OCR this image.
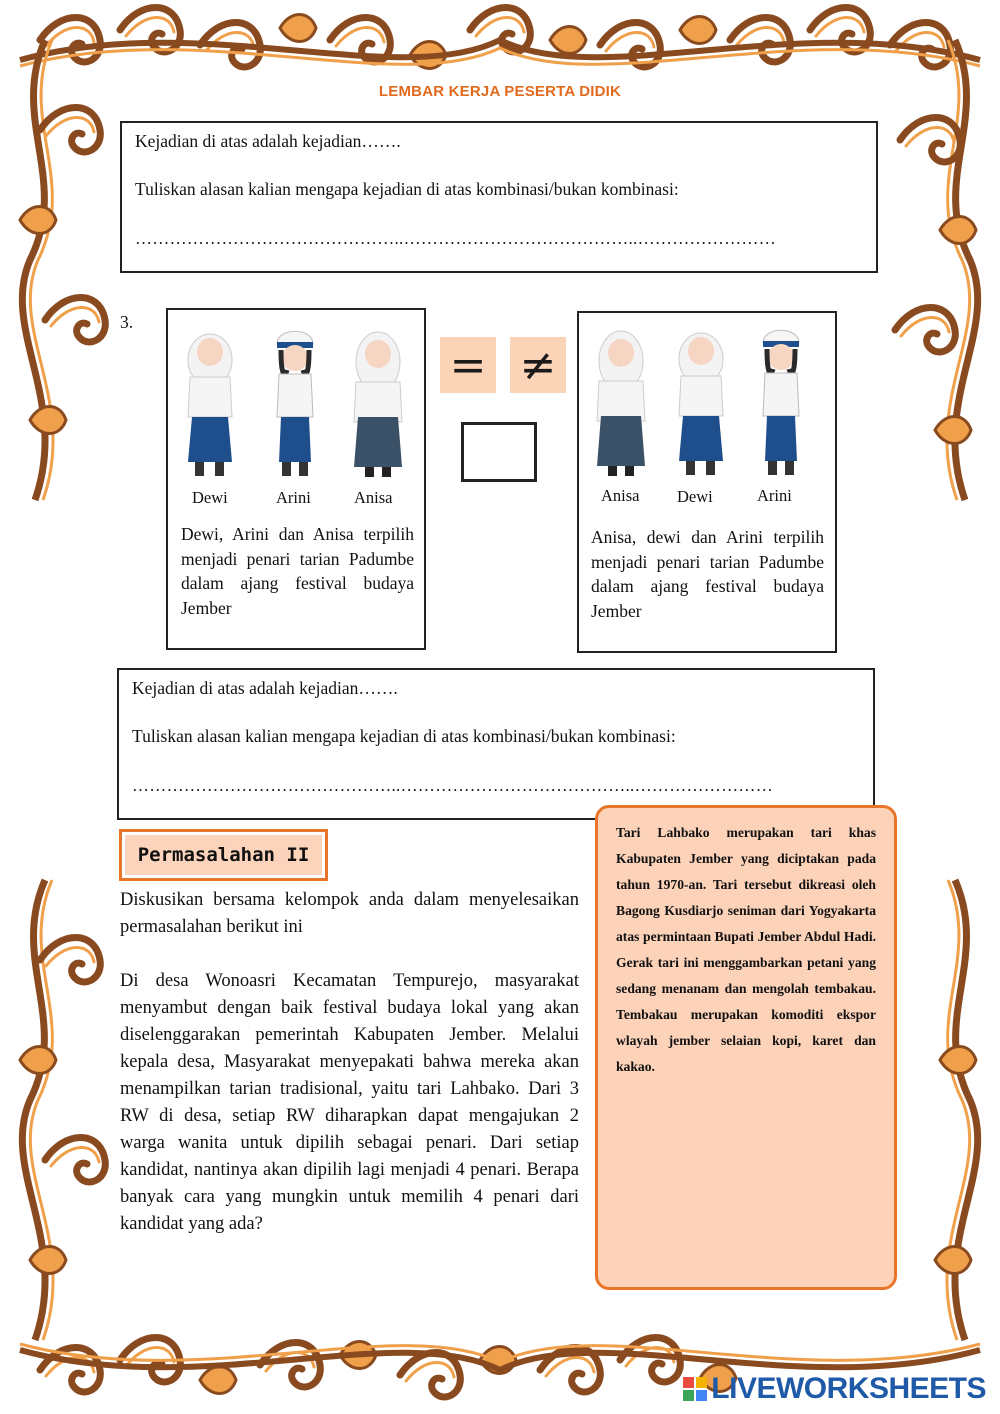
LEMBAR KERJA PESERTA DIDIK
Kejadian di atas adalah kejadian…….
Tuliskan alasan kalian mengapa kejadian di atas kombinasi/bukan kombinasi:
………………………………………..…………………………………..……………………
3.
Dewi	Arini	Anisa
Dewi, Arini dan Anisa terpilih menjadi penari tarian Padumbe dalam ajang festival budaya Jember
= ≠
Anisa Dewi	Arini
Anisa, dewi dan Arini terpilih menjadi penari tarian Padumbe dalam ajang festival budaya Jember
Kejadian di atas adalah kejadian…….
Tuliskan alasan kalian mengapa kejadian di atas kombinasi/bukan kombinasi:
………………………………………..…………………………………..……………………
Permasalahan II
Diskusikan bersama kelompok anda dalam menyelesaikan permasalahan berikut ini
Di desa Wonoasri Kecamatan Tempurejo, masyarakat menyambut dengan baik festival budaya lokal yang akan diselenggarakan pemerintah Kabupaten Jember. Melalui kepala desa, Masyarakat menyepakati bahwa mereka akan menampilkan tarian tradisional, yaitu tari Lahbako. Dari 3 RW di desa, setiap RW diharapkan dapat mengajukan 2 warga wanita untuk dipilih sebagai penari. Dari setiap kandidat, nantinya akan dipilih lagi menjadi 4 penari. Berapa banyak cara yang mungkin untuk memilih 4 penari dari kandidat yang ada?
Tari Lahbako merupakan tari khas Kabupaten Jember yang diciptakan pada tahun 1970-an. Tari tersebut dikreasi oleh Bagong Kusdiarjo seniman dari Yogyakarta atas permintaan Bupati Jember Abdul Hadi. Gerak tari ini menggambarkan petani yang sedang menanam dan mengolah tembakau. Tembakau merupakan komoditi ekspor wlayah jember selaian kopi, karet dan kakao.
LIVEWORKSHEETS
